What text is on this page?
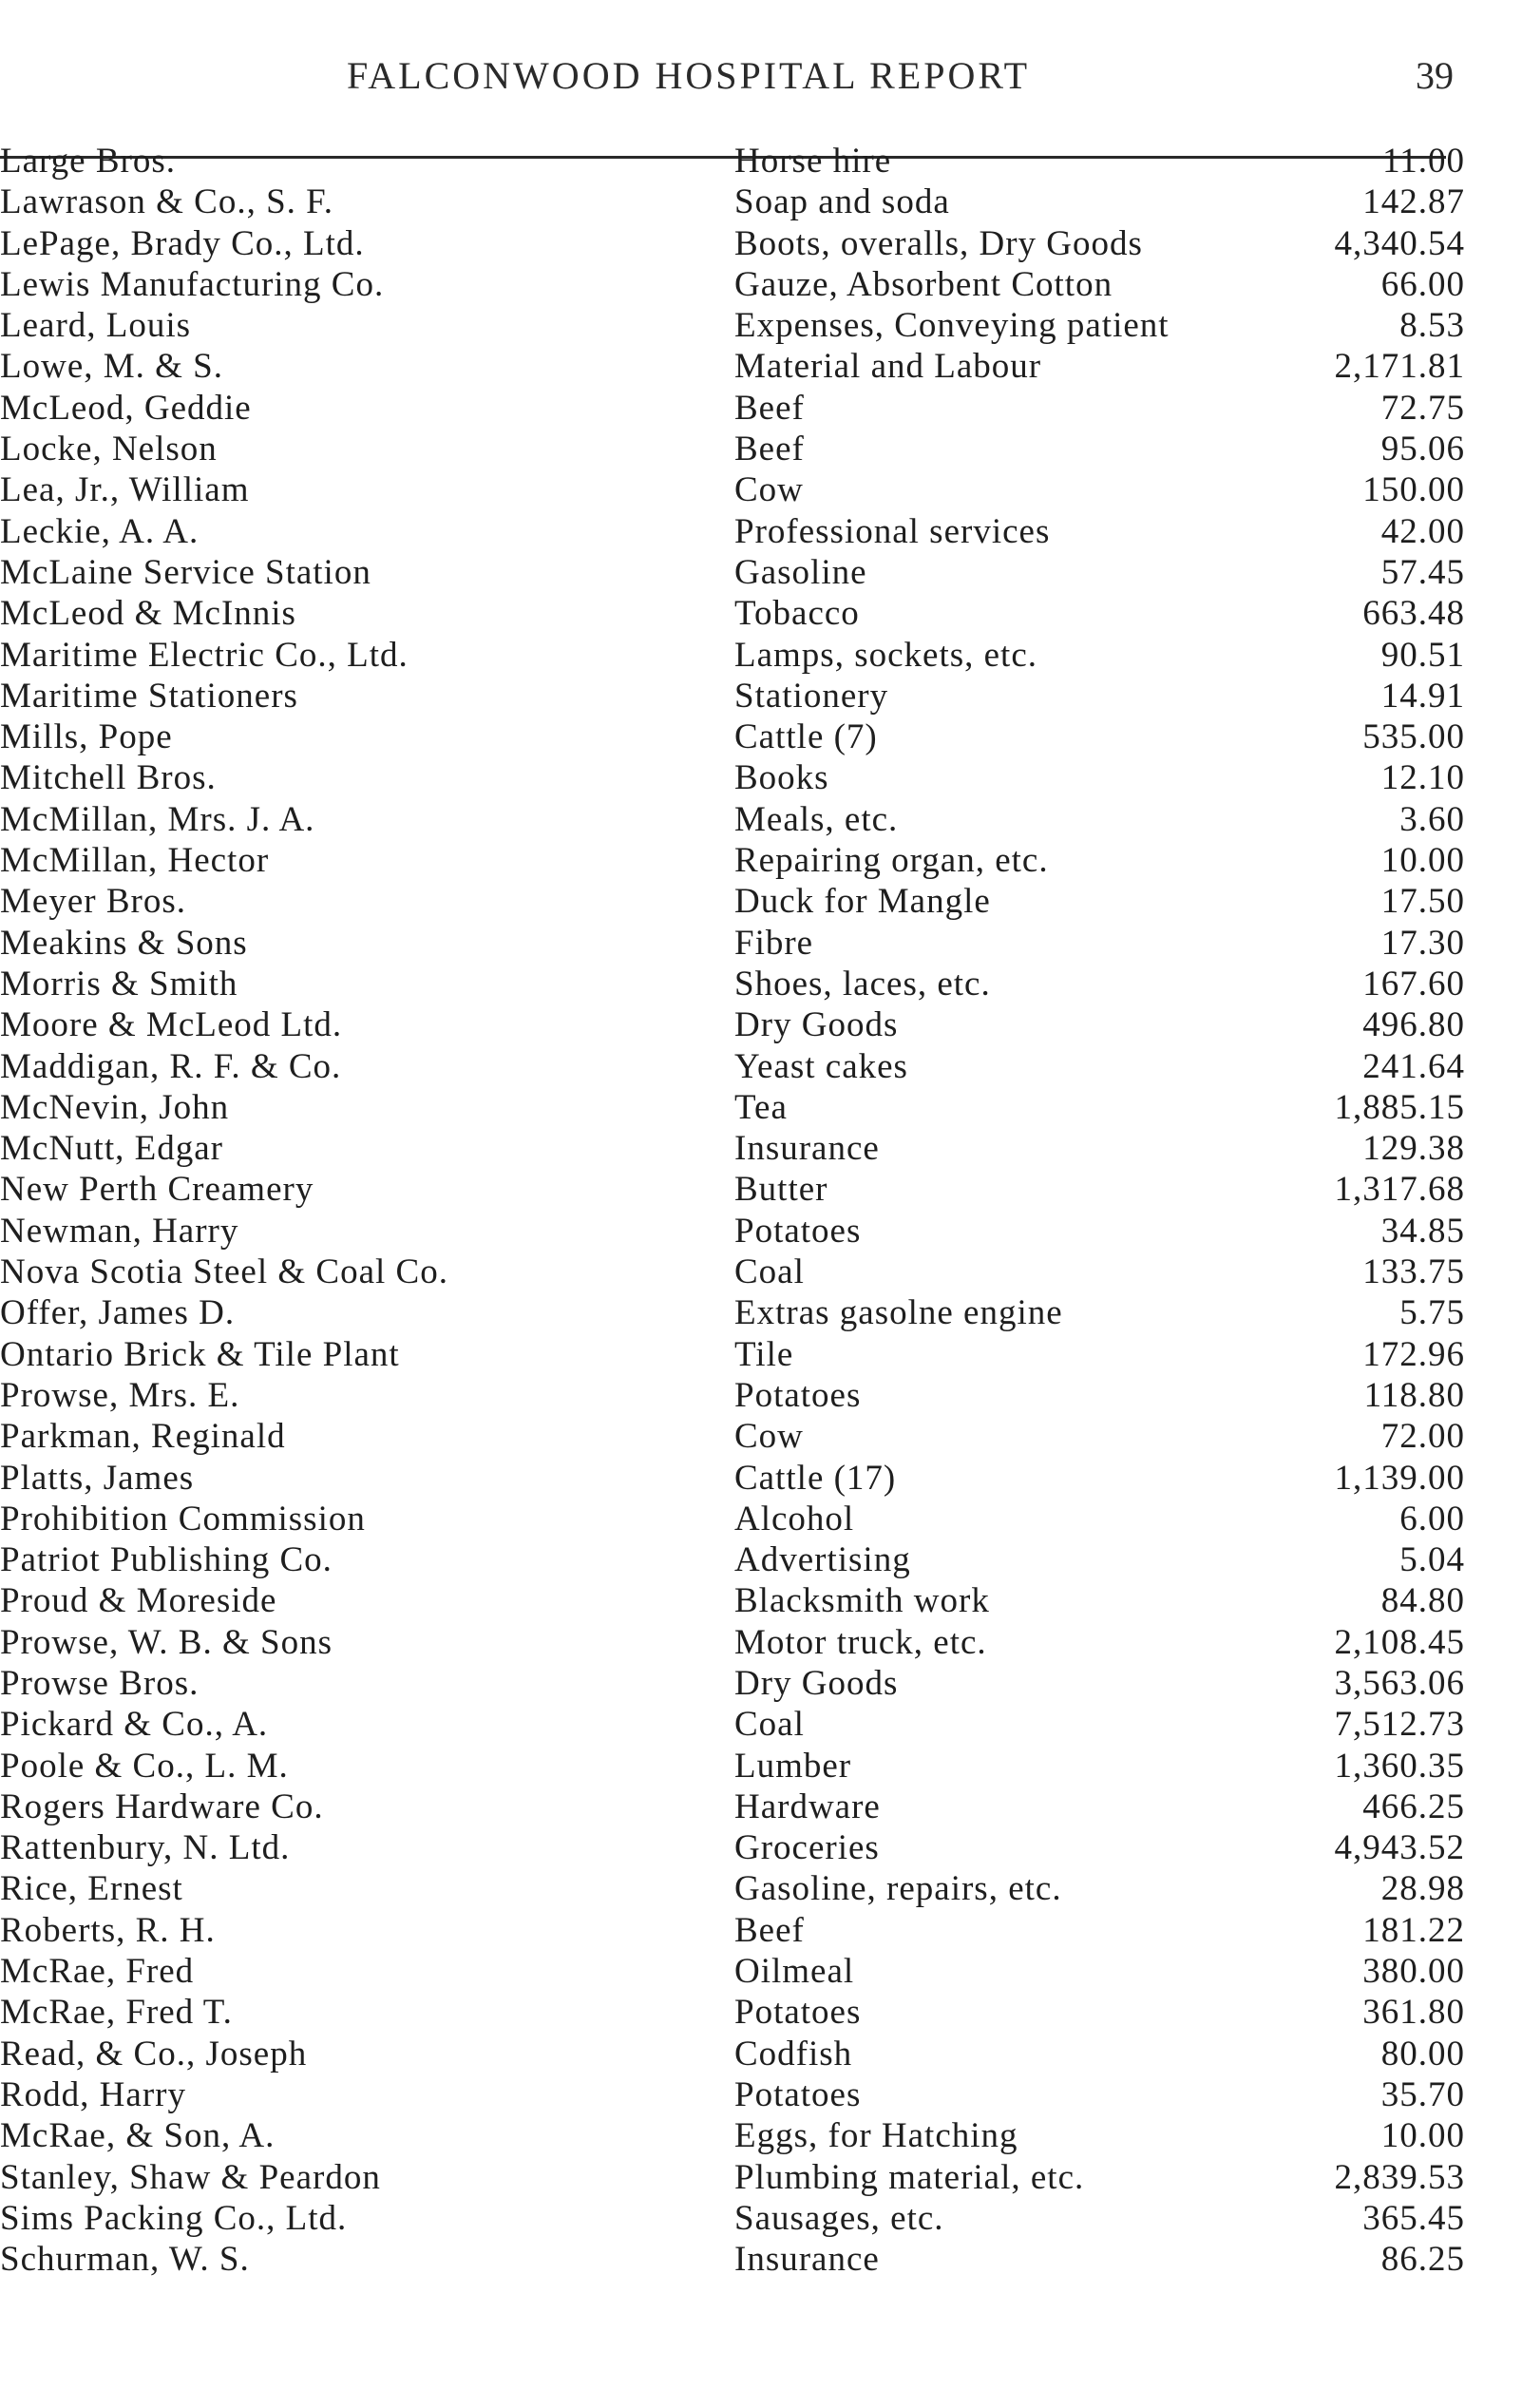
FALCONWOOD HOSPITAL REPORT	39
Large Bros.	Horse hire	11.00
Lawrason & Co., S. F.	Soap and soda	142.87
LePage, Brady Co., Ltd.	Boots, overalls, Dry Goods	4,340.54
Lewis Manufacturing Co.	Gauze, Absorbent Cotton	66.00
Leard, Louis	Expenses, Conveying patient	8.53
Lowe, M. & S.	Material and Labour	2,171.81
McLeod, Geddie	Beef	72.75
Locke, Nelson	Beef	95.06
Lea, Jr., William	Cow	150.00
Leckie, A. A.	Professional services	42.00
McLaine Service Station	Gasoline	57.45
McLeod & McInnis	Tobacco	663.48
Maritime Electric Co., Ltd.	Lamps, sockets, etc.	90.51
Maritime Stationers	Stationery	14.91
Mills, Pope	Cattle (7)	535.00
Mitchell Bros.	Books	12.10
McMillan, Mrs. J. A.	Meals, etc.	3.60
McMillan, Hector	Repairing organ, etc.	10.00
Meyer Bros.	Duck for Mangle	17.50
Meakins & Sons	Fibre	17.30
Morris & Smith	Shoes, laces, etc.	167.60
Moore & McLeod Ltd.	Dry Goods	496.80
Maddigan, R. F. & Co.	Yeast cakes	241.64
McNevin, John	Tea	1,885.15
McNutt, Edgar	Insurance	129.38
New Perth Creamery	Butter	1,317.68
Newman, Harry	Potatoes	34.85
Nova Scotia Steel & Coal Co.	Coal	133.75
Offer, James D.	Extras gasolne engine	5.75
Ontario Brick & Tile Plant	Tile	172.96
Prowse, Mrs. E.	Potatoes	118.80
Parkman, Reginald	Cow	72.00
Platts, James	Cattle (17)	1,139.00
Prohibition Commission	Alcohol	6.00
Patriot Publishing Co.	Advertising	5.04
Proud & Moreside	Blacksmith work	84.80
Prowse, W. B. & Sons	Motor truck, etc.	2,108.45
Prowse Bros.	Dry Goods	3,563.06
Pickard & Co., A.	Coal	7,512.73
Poole & Co., L. M.	Lumber	1,360.35
Rogers Hardware Co.	Hardware	466.25
Rattenbury, N. Ltd.	Groceries	4,943.52
Rice, Ernest	Gasoline, repairs, etc.	28.98
Roberts, R. H.	Beef	181.22
McRae, Fred	Oilmeal	380.00
McRae, Fred T.	Potatoes	361.80
Read, & Co., Joseph	Codfish	80.00
Rodd, Harry	Potatoes	35.70
McRae, & Son, A.	Eggs, for Hatching	10.00
Stanley, Shaw & Peardon	Plumbing material, etc.	2,839.53
Sims Packing Co., Ltd.	Sausages, etc.	365.45
Schurman, W. S.	Insurance	86.25
